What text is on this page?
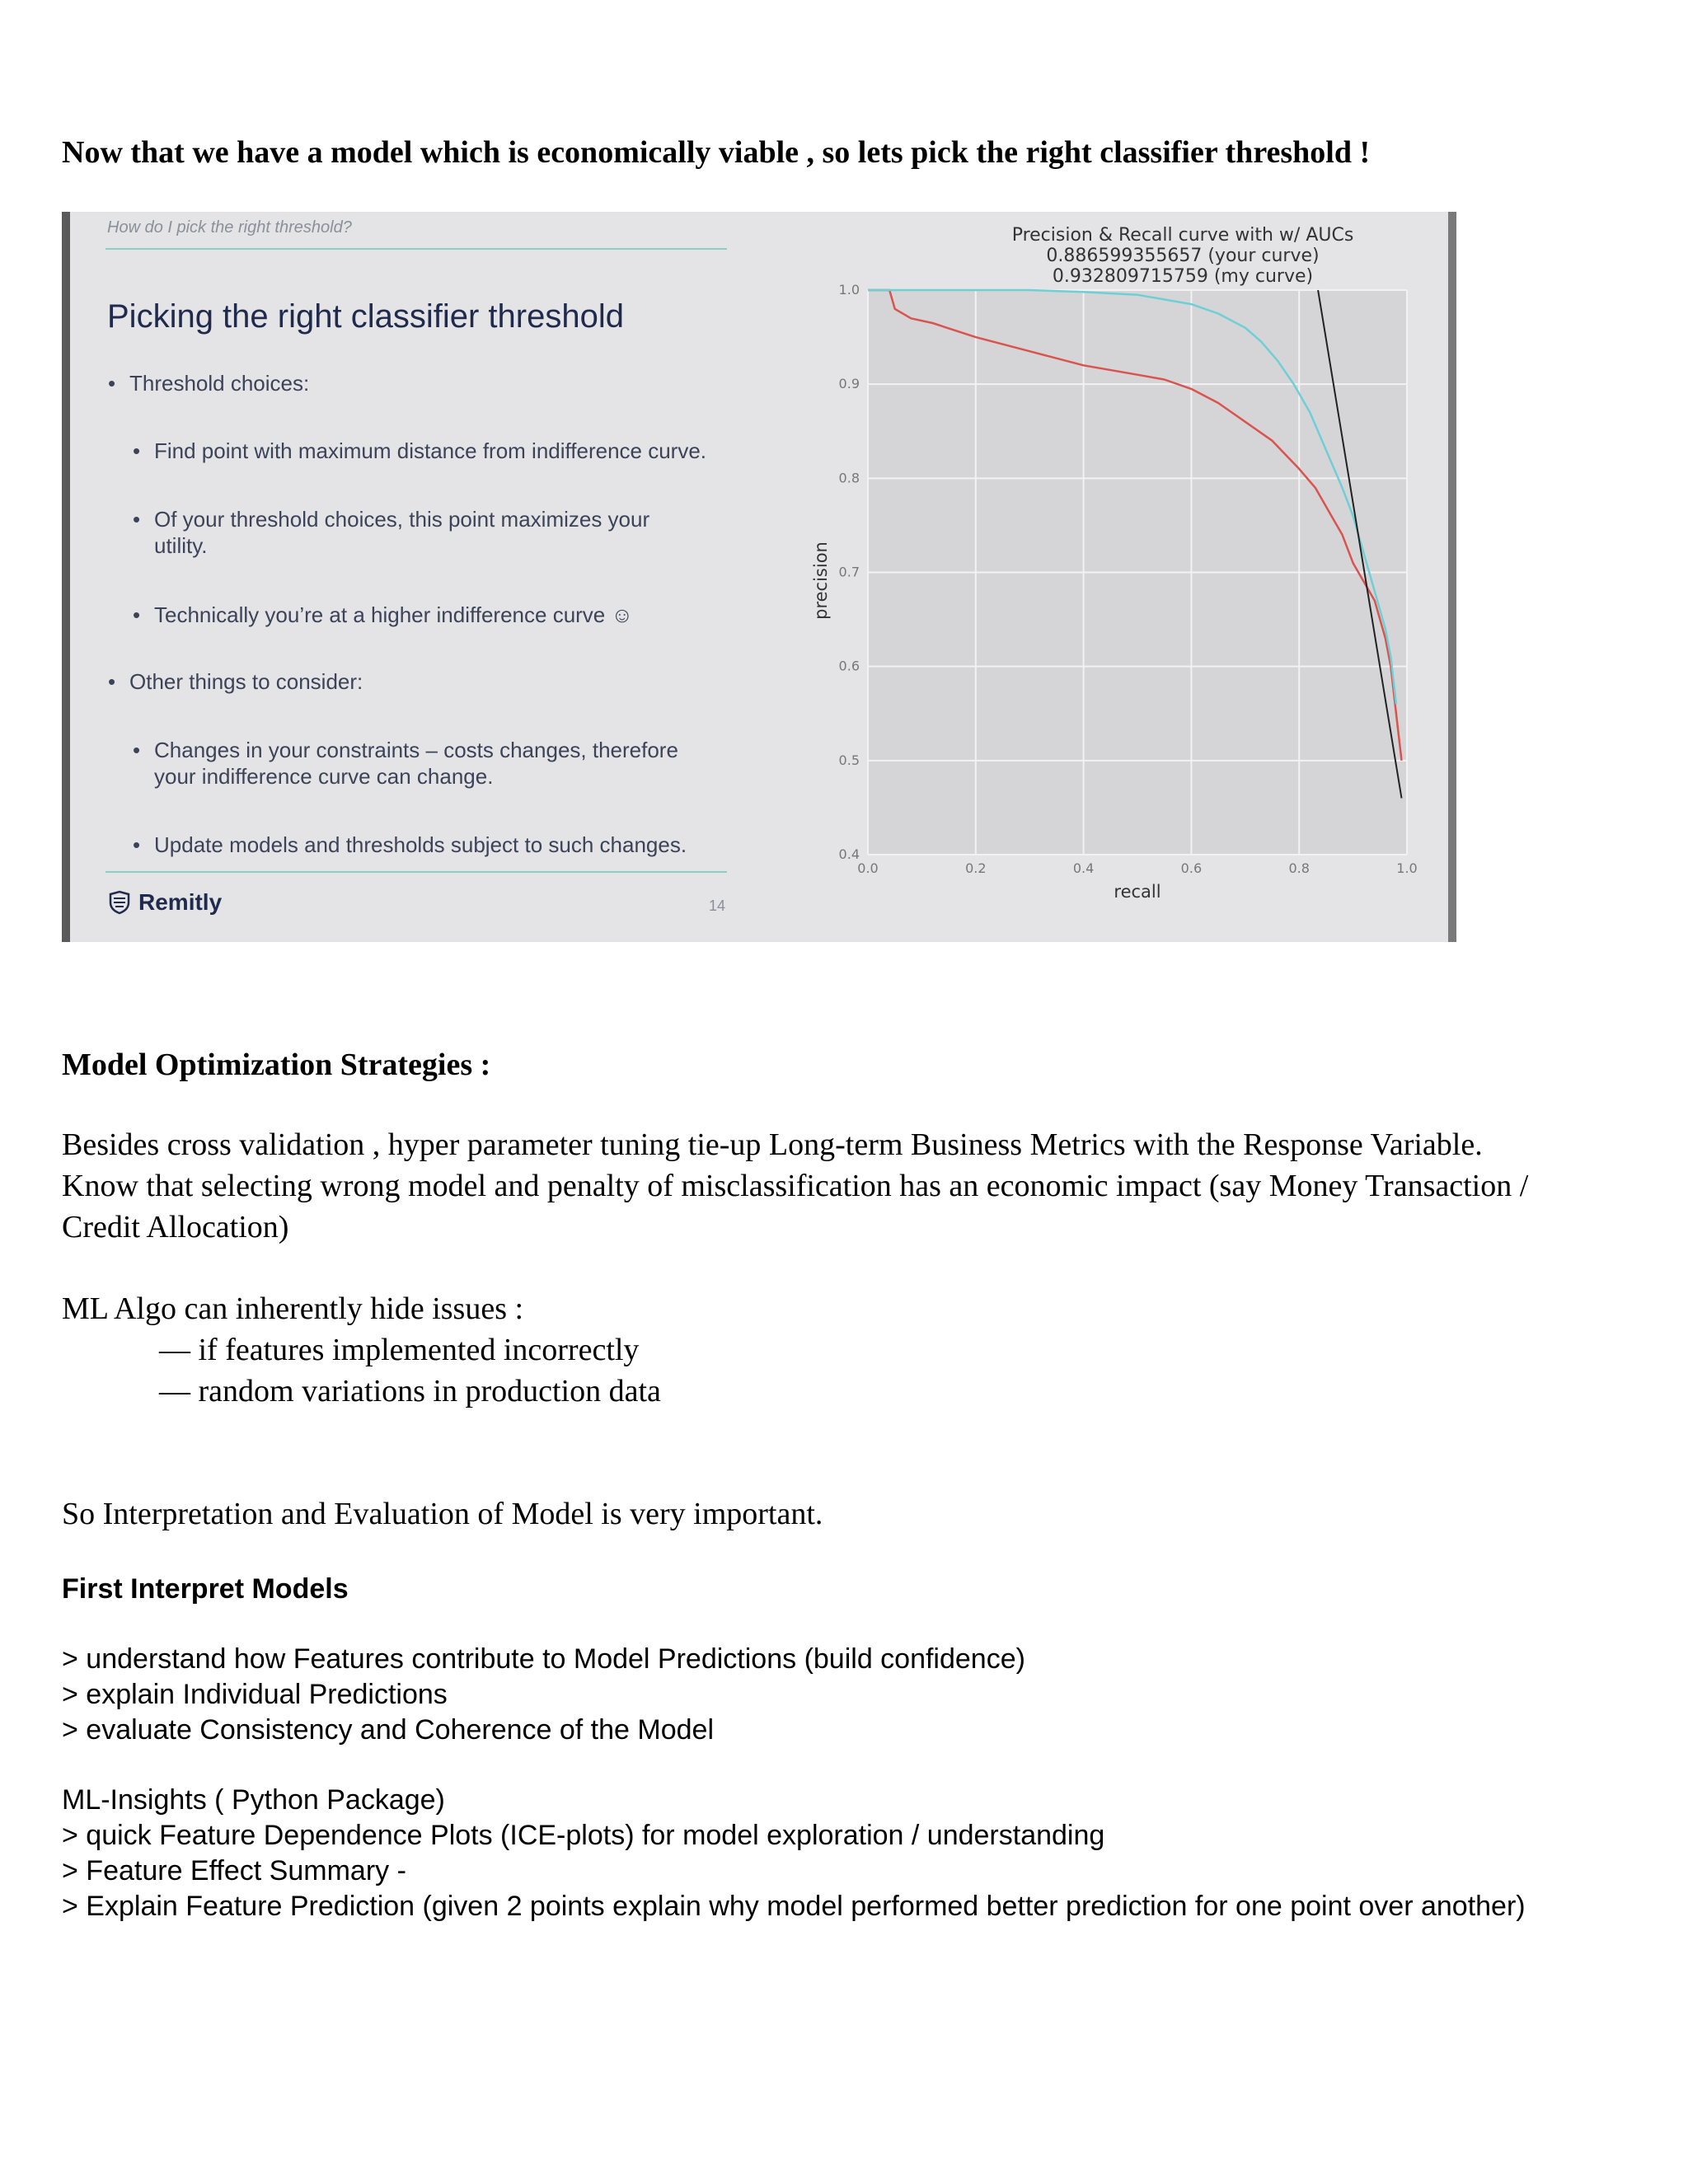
Now that we have a model which is economically viable , so lets pick the right classifier threshold !
How do I pick the right threshold?
Picking the right classifier threshold
• Threshold choices:
• Find point with maximum distance from indifference curve.
• Of your threshold choices, this point maximizes your
utility.
• Technically you’re at a higher indifference curve ☺
• Other things to consider:
• Changes in your constraints – costs changes, therefore
your indifference curve can change.
• Update models and thresholds subject to such changes.
Remitly	14
Precision & Recall curve with w/ AUCs
0.886599355657 (your curve)
0.932809715759 (my curve)
0.0	0.2	0.4	0.6	0.8	1.0
0.4
0.5
0.6
0.7
0.8
0.9
1.0
recall
precision
Model Optimization Strategies :
Besides cross validation , hyper parameter tuning tie-up Long-term Business Metrics with the Response Variable.
Know that selecting wrong model and penalty of misclassification has an economic impact (say Money Transaction /
Credit Allocation)
ML Algo can inherently hide issues :
— if features implemented incorrectly
— random variations in production data
So Interpretation and Evaluation of Model is very important.
First Interpret Models
> understand how Features contribute to Model Predictions (build confidence)
> explain Individual Predictions
> evaluate Consistency and Coherence of the Model
ML-Insights ( Python Package)
> quick Feature Dependence Plots (ICE-plots) for model exploration / understanding
> Feature Effect Summary -
> Explain Feature Prediction (given 2 points explain why model performed better prediction for one point over another)
